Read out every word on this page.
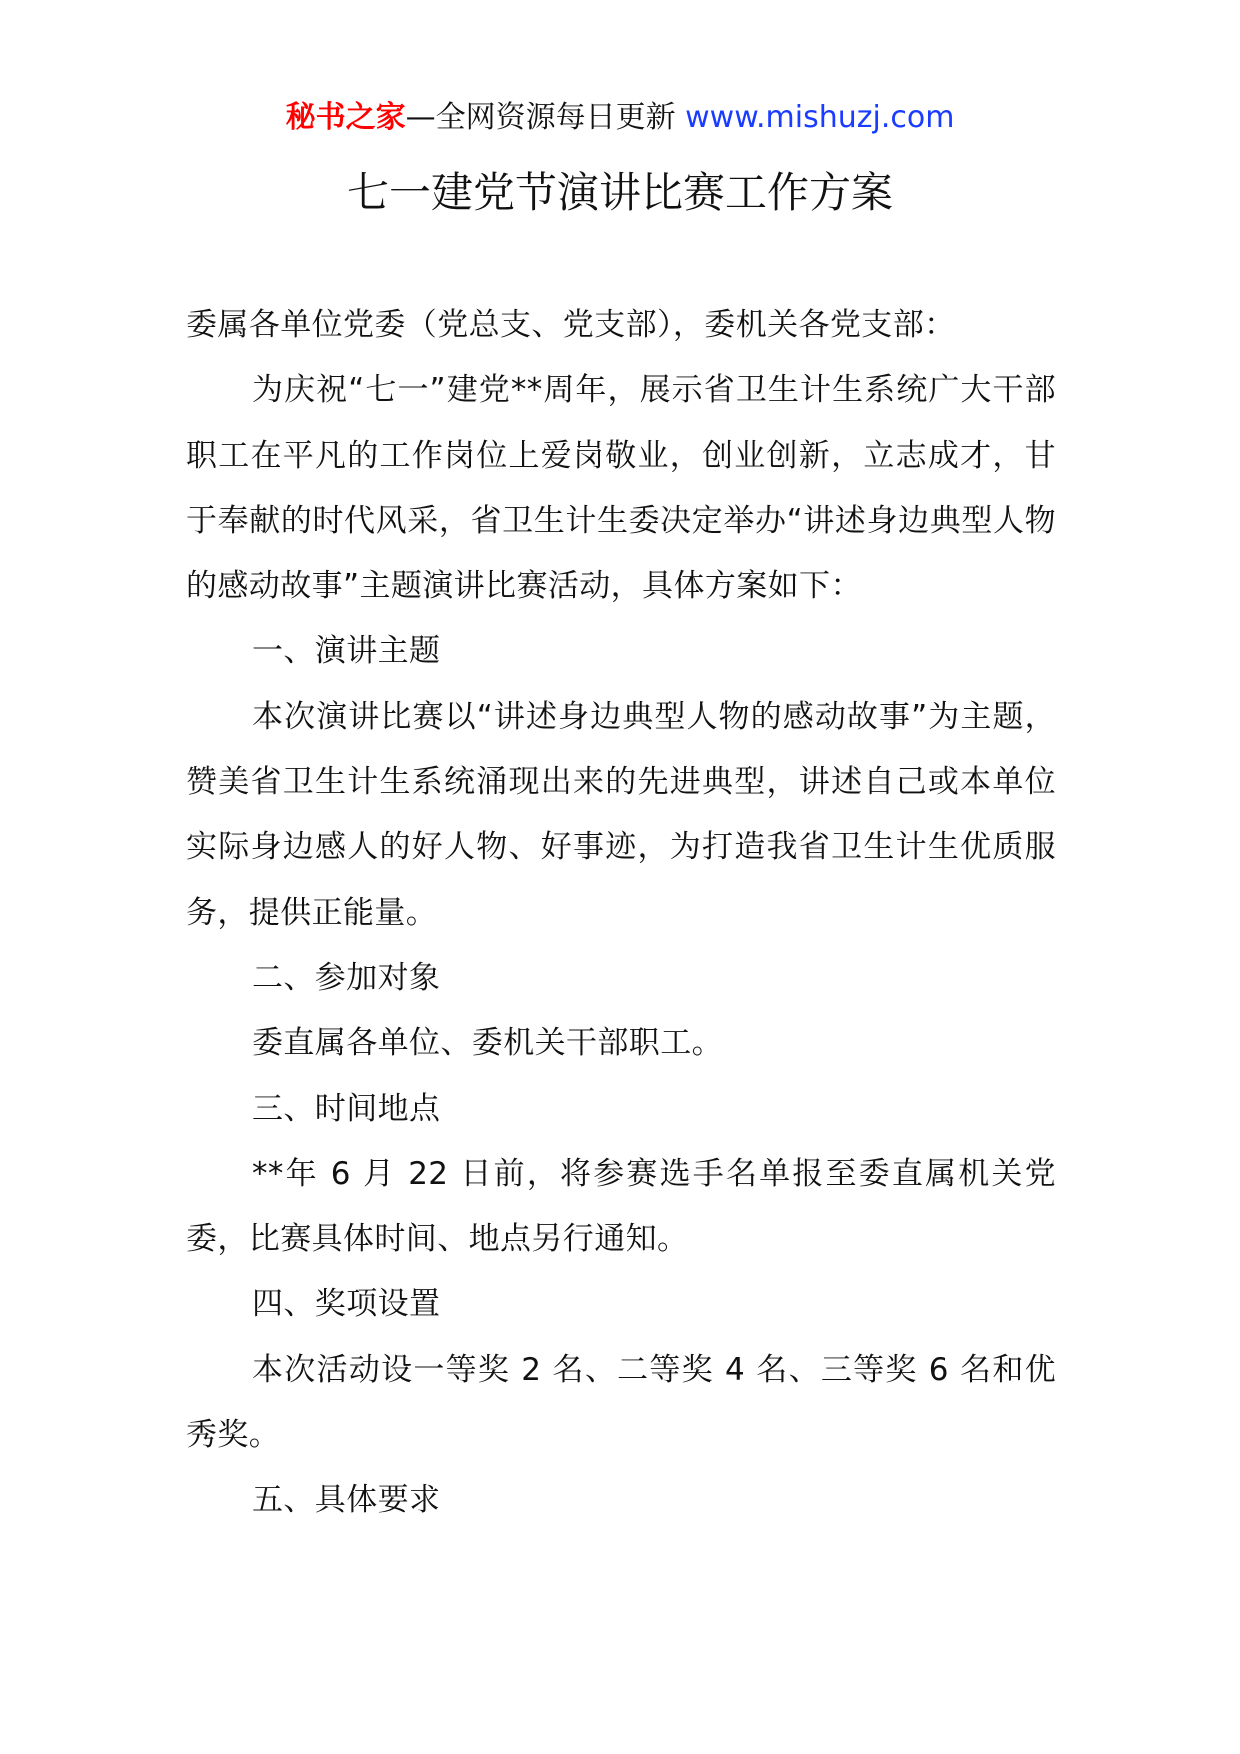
秘书之家—全网资源每日更新 www.mishuzj.com
七一建党节演讲比赛工作方案

委属各单位党委（党总支、党支部），委机关各党支部：

为庆祝“七一”建党**周年，展示省卫生计生系统广大干部职工在平凡的工作岗位上爱岗敬业，创业创新，立志成才，甘于奉献的时代风采，省卫生计生委决定举办“讲述身边典型人物的感动故事”主题演讲比赛活动，具体方案如下：

一、演讲主题

本次演讲比赛以“讲述身边典型人物的感动故事”为主题，赞美省卫生计生系统涌现出来的先进典型，讲述自己或本单位实际身边感人的好人物、好事迹，为打造我省卫生计生优质服务，提供正能量。

二、参加对象

委直属各单位、委机关干部职工。

三、时间地点

**年 6 月 22 日前，将参赛选手名单报至委直属机关党委，比赛具体时间、地点另行通知。

四、奖项设置

本次活动设一等奖 2 名、二等奖 4 名、三等奖 6 名和优秀奖。

五、具体要求
